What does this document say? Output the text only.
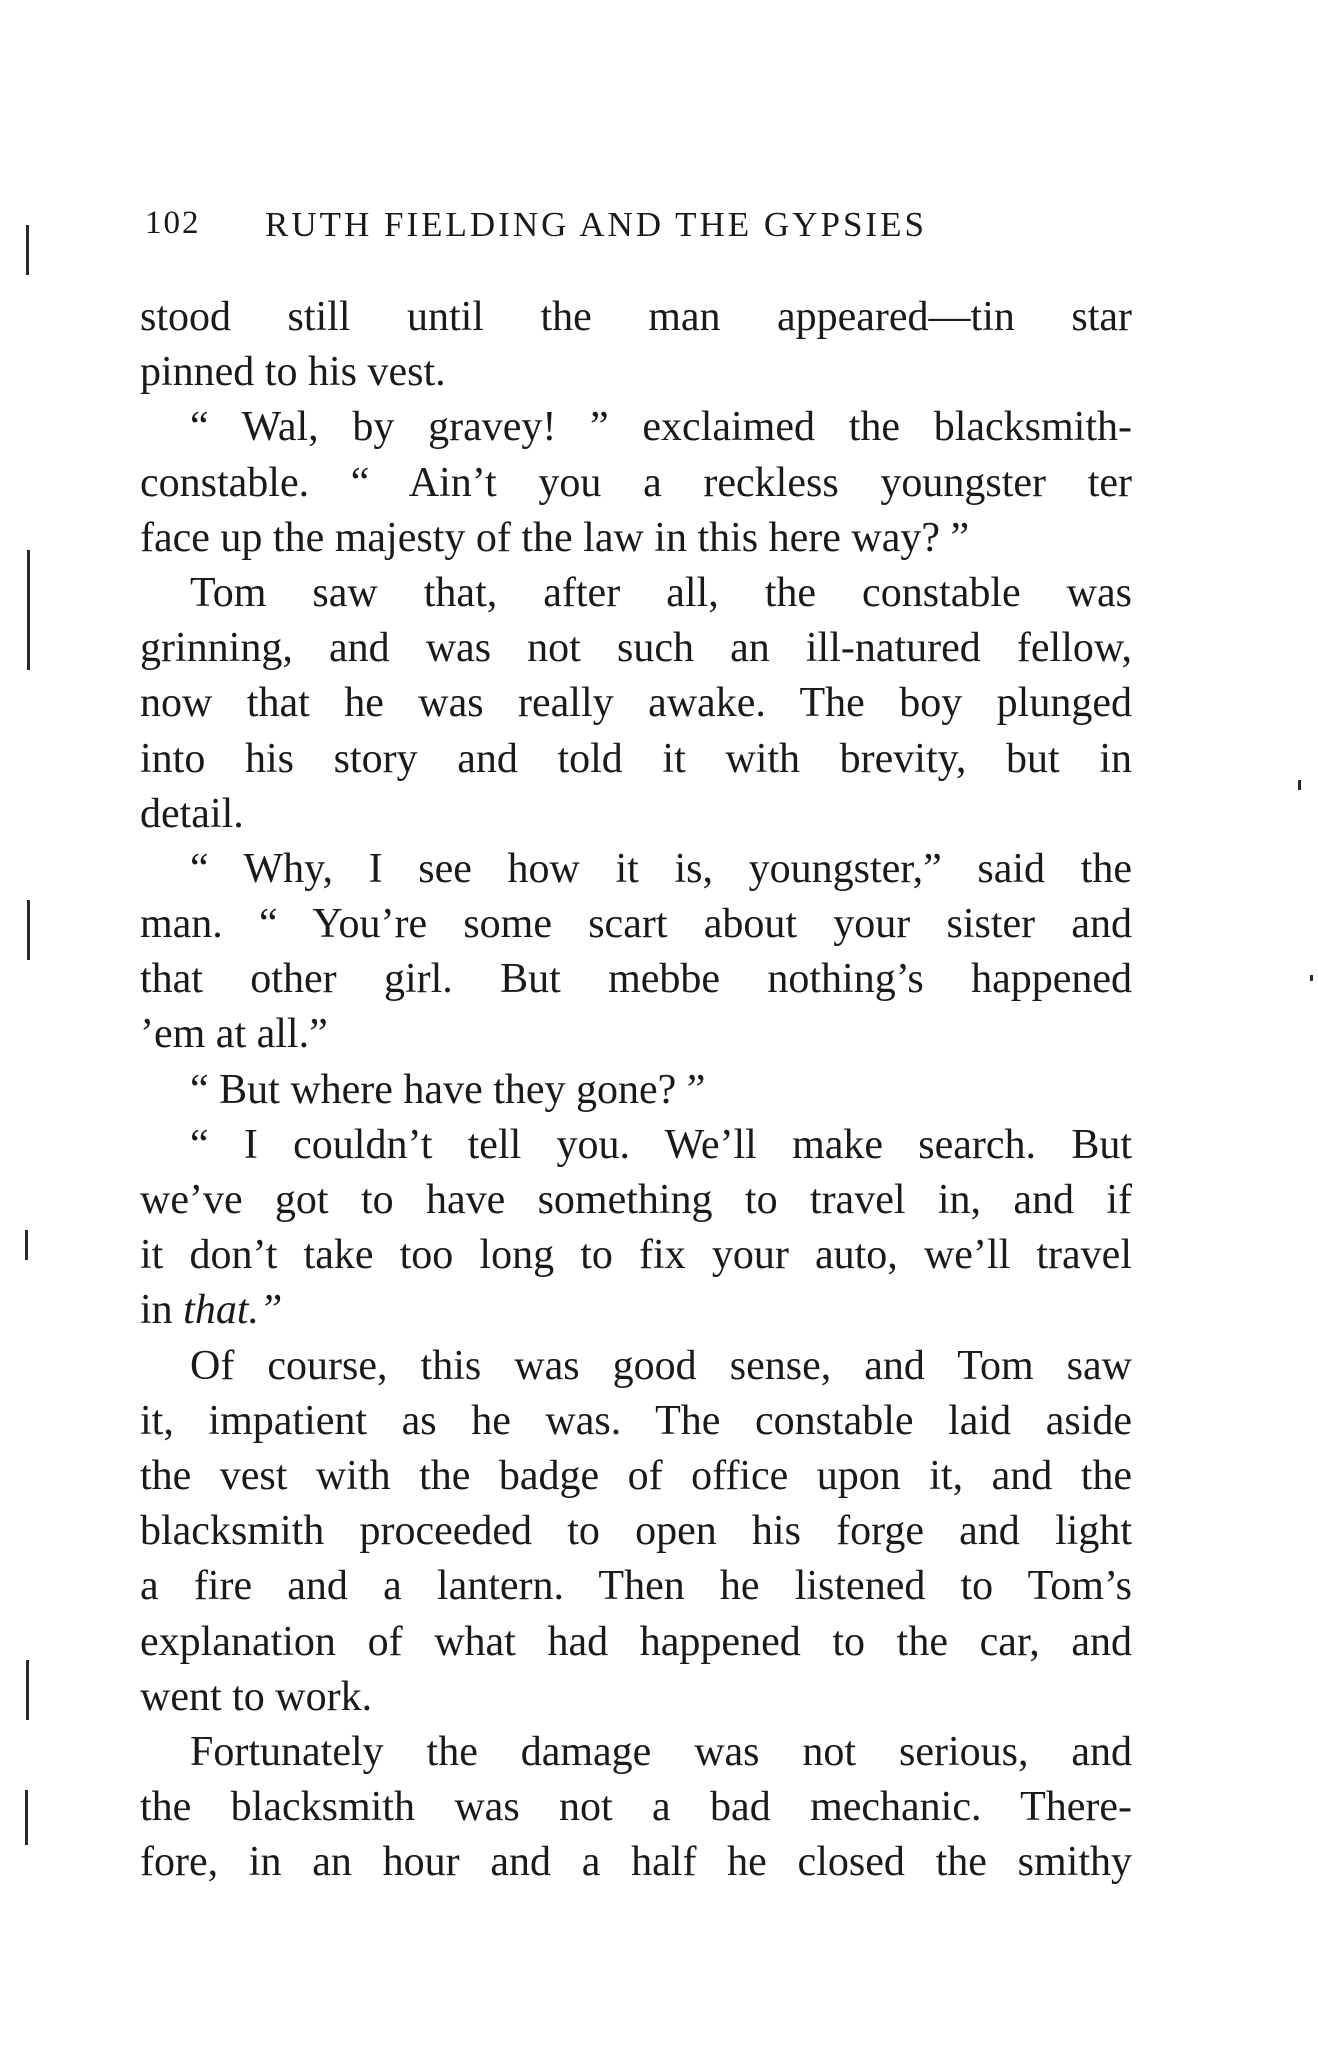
102 RUTH FIELDING AND THE GYPSIES
stood still until the man appeared—tin star
pinned to his vest.
“ Wal, by gravey! ” exclaimed the blacksmith-
constable. “ Ain’t you a reckless youngster ter
face up the majesty of the law in this here way? ”
Tom saw that, after all, the constable was
grinning, and was not such an ill-natured fellow,
now that he was really awake. The boy plunged
into his story and told it with brevity, but in
detail.
“ Why, I see how it is, youngster,” said the
man. “ You’re some scart about your sister and
that other girl. But mebbe nothing’s happened
’em at all.”
“ But where have they gone? ”
“ I couldn’t tell you. We’ll make search. But
we’ve got to have something to travel in, and if
it don’t take too long to fix your auto, we’ll travel
in that.”
Of course, this was good sense, and Tom saw
it, impatient as he was. The constable laid aside
the vest with the badge of office upon it, and the
blacksmith proceeded to open his forge and light
a fire and a lantern. Then he listened to Tom’s
explanation of what had happened to the car, and
went to work.
Fortunately the damage was not serious, and
the blacksmith was not a bad mechanic. There-
fore, in an hour and a half he closed the smithy
